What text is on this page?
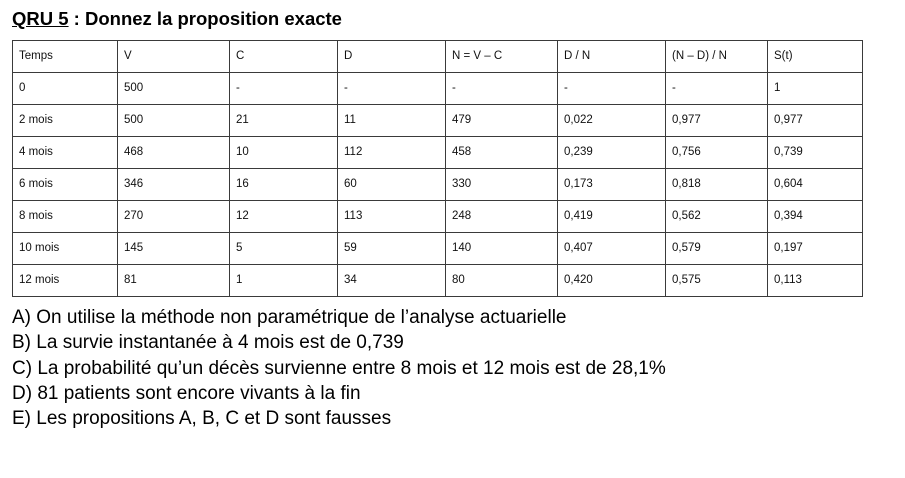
QRU 5 : Donnez la proposition exacte
Temps	V	C	D	N = V – C	D / N	(N – D) / N	S(t)
0	500	-	-	-	-	-	1
2 mois	500	21	11	479	0,022	0,977	0,977
4 mois	468	10	112	458	0,239	0,756	0,739
6 mois	346	16	60	330	0,173	0,818	0,604
8 mois	270	12	113	248	0,419	0,562	0,394
10 mois	145	5	59	140	0,407	0,579	0,197
12 mois	81	1	34	80	0,420	0,575	0,113
A) On utilise la méthode non paramétrique de l’analyse actuarielle
B) La survie instantanée à 4 mois est de 0,739
C) La probabilité qu’un décès survienne entre 8 mois et 12 mois est de 28,1%
D) 81 patients sont encore vivants à la fin
E) Les propositions A, B, C et D sont fausses
